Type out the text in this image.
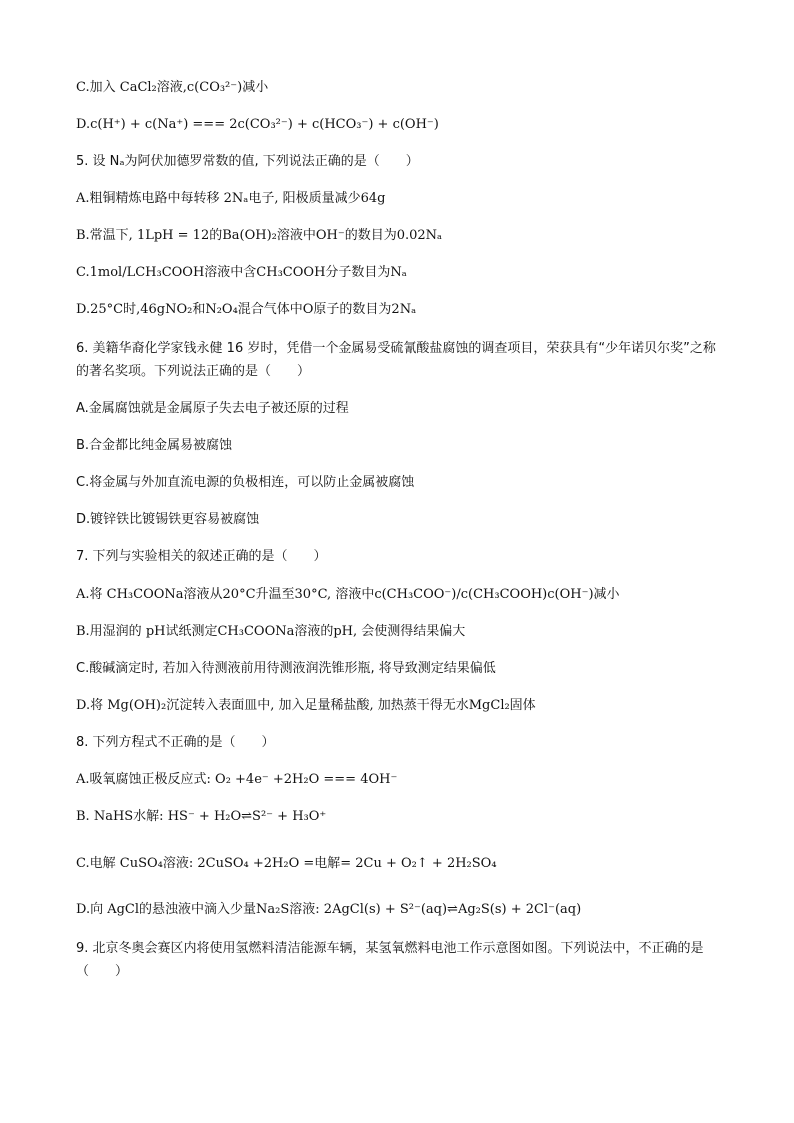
C.加入 CaCl₂溶液,c(CO₃²⁻)减小
D.c(H⁺) + c(Na⁺) === 2c(CO₃²⁻) + c(HCO₃⁻) + c(OH⁻)
5. 设 Nₐ为阿伏加德罗常数的值, 下列说法正确的是（　　）
A.粗铜精炼电路中每转移 2Nₐ电子, 阳极质量减少64g
B.常温下, 1LpH = 12的Ba(OH)₂溶液中OH⁻的数目为0.02Nₐ
C.1mol/LCH₃COOH溶液中含CH₃COOH分子数目为Nₐ
D.25°C时,46gNO₂和N₂O₄混合气体中O原子的数目为2Nₐ
6. 美籍华裔化学家钱永健 16 岁时，凭借一个金属易受硫氰酸盐腐蚀的调查项目，荣获具有“少年诺贝尔奖”之称的著名奖项。下列说法正确的是（　　）
A.金属腐蚀就是金属原子失去电子被还原的过程
B.合金都比纯金属易被腐蚀
C.将金属与外加直流电源的负极相连，可以防止金属被腐蚀
D.镀锌铁比镀锡铁更容易被腐蚀
7. 下列与实验相关的叙述正确的是（　　）
A.将 CH₃COONa溶液从20°C升温至30°C, 溶液中c(CH₃COO⁻)/c(CH₃COOH)c(OH⁻)减小
B.用湿润的 pH试纸测定CH₃COONa溶液的pH, 会使测得结果偏大
C.酸碱滴定时, 若加入待测液前用待测液润洗锥形瓶, 将导致测定结果偏低
D.将 Mg(OH)₂沉淀转入表面皿中, 加入足量稀盐酸, 加热蒸干得无水MgCl₂固体
8. 下列方程式不正确的是（　　）
A.吸氧腐蚀正极反应式: O₂ +4e⁻ +2H₂O === 4OH⁻
B. NaHS水解: HS⁻ + H₂O⇌S²⁻ + H₃O⁺
C.电解 CuSO₄溶液: 2CuSO₄ +2H₂O =电解= 2Cu + O₂↑ + 2H₂SO₄
D.向 AgCl的悬浊液中滴入少量Na₂S溶液: 2AgCl(s) + S²⁻(aq)⇌Ag₂S(s) + 2Cl⁻(aq)
9. 北京冬奥会赛区内将使用氢燃料清洁能源车辆，某氢氧燃料电池工作示意图如图。下列说法中，不正确的是（　　）
